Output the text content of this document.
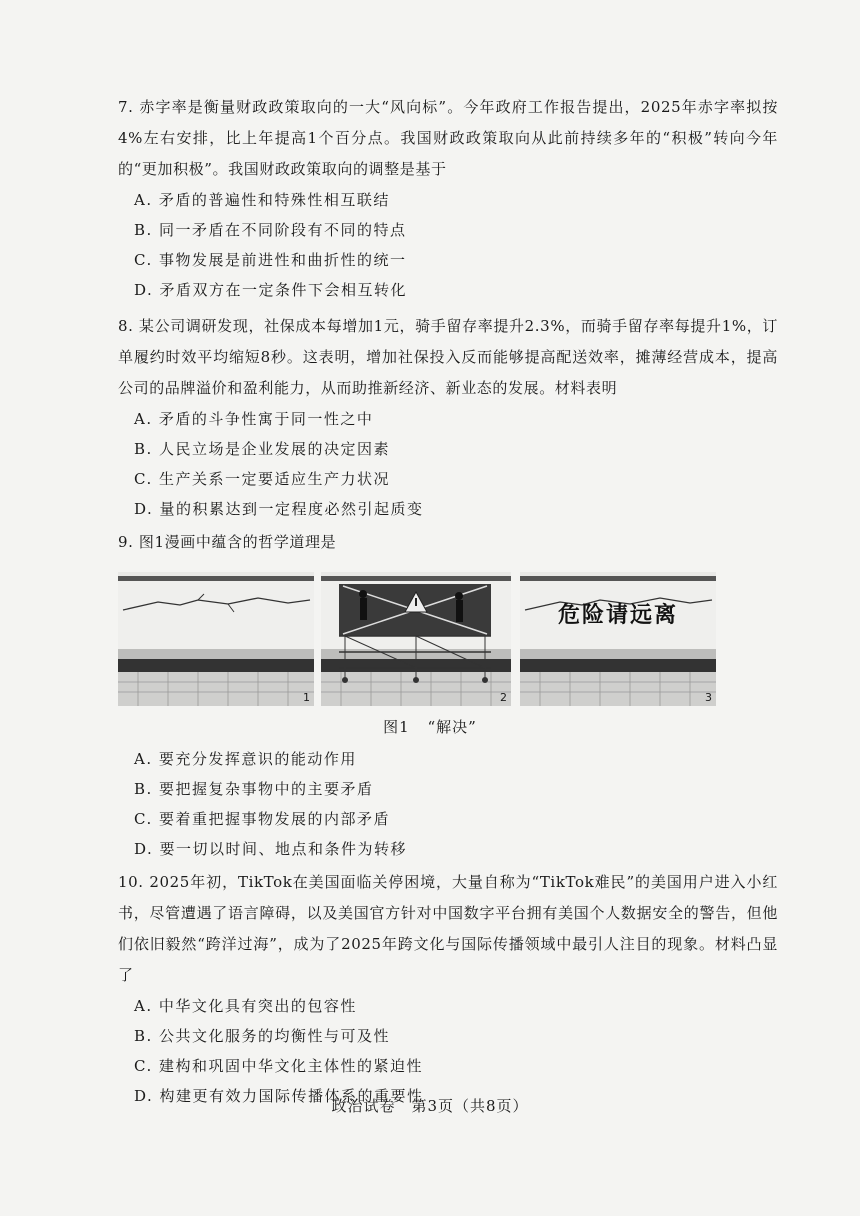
7. 赤字率是衡量财政政策取向的一大“风向标”。今年政府工作报告提出，2025年赤字率拟按4%左右安排，比上年提高1个百分点。我国财政政策取向从此前持续多年的“积极”转向今年的“更加积极”。我国财政政策取向的调整是基于

A. 矛盾的普遍性和特殊性相互联结

B. 同一矛盾在不同阶段有不同的特点

C. 事物发展是前进性和曲折性的统一

D. 矛盾双方在一定条件下会相互转化

8. 某公司调研发现，社保成本每增加1元，骑手留存率提升2.3%，而骑手留存率每提升1%，订单履约时效平均缩短8秒。这表明，增加社保投入反而能够提高配送效率，摊薄经营成本，提高公司的品牌溢价和盈利能力，从而助推新经济、新业态的发展。材料表明

A. 矛盾的斗争性寓于同一性之中

B. 人民立场是企业发展的决定因素

C. 生产关系一定要适应生产力状况

D. 量的积累达到一定程度必然引起质变

9. 图1漫画中蕴含的哲学道理是

1	2
危险请远离
3
图1 “解决”

A. 要充分发挥意识的能动作用

B. 要把握复杂事物中的主要矛盾

C. 要着重把握事物发展的内部矛盾

D. 要一切以时间、地点和条件为转移

10. 2025年初，TikTok在美国面临关停困境，大量自称为“TikTok难民”的美国用户进入小红书，尽管遭遇了语言障碍，以及美国官方针对中国数字平台拥有美国个人数据安全的警告，但他们依旧毅然“跨洋过海”，成为了2025年跨文化与国际传播领域中最引人注目的现象。材料凸显了

A. 中华文化具有突出的包容性

B. 公共文化服务的均衡性与可及性

C. 建构和巩固中华文化主体性的紧迫性

D. 构建更有效力国际传播体系的重要性

政治试卷　第3页（共8页）
